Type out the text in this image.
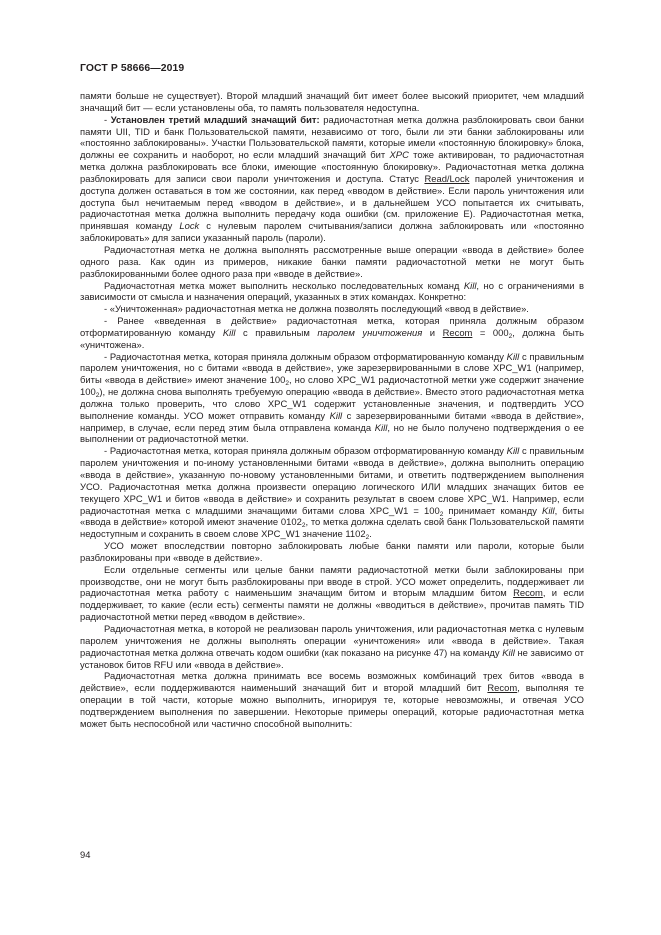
ГОСТ Р 58666—2019

памяти больше не существует). Второй младший значащий бит имеет более высокий приоритет, чем младший значащий бит — если установлены оба, то память пользователя недоступна.

- Установлен третий младший значащий бит: радиочастотная метка должна разблокировать свои банки памяти UII, TID и банк Пользовательской памяти, независимо от того, были ли эти банки заблокированы или «постоянно заблокированы». Участки Пользовательской памяти, которые имели «постоянную блокировку» блока, должны ее сохранить и наоборот, но если младший значащий бит XPC тоже активирован, то радиочастотная метка должна разблокировать все блоки, имеющие «постоянную блокировку». Радиочастотная метка должна разблокировать для записи свои пароли уничтожения и доступа. Статус Read/Lock паролей уничтожения и доступа должен оставаться в том же состоянии, как перед «вводом в действие». Если пароль уничтожения или доступа был нечитаемым перед «вводом в действие», и в дальнейшем УСО попытается их считывать, радиочастотная метка должна выполнить передачу кода ошибки (см. приложение Е). Радиочастотная метка, принявшая команду Lock с нулевым паролем считывания/записи должна заблокировать или «постоянно заблокировать» для записи указанный пароль (пароли).

Радиочастотная метка не должна выполнять рассмотренные выше операции «ввода в действие» более одного раза. Как один из примеров, никакие банки памяти радиочастотной метки не могут быть разблокированными более одного раза при «вводе в действие».

Радиочастотная метка может выполнить несколько последовательных команд Kill, но с ограничениями в зависимости от смысла и назначения операций, указанных в этих командах. Конкретно:

- «Уничтоженная» радиочастотная метка не должна позволять последующий «ввод в действие».

- Ранее «введенная в действие» радиочастотная метка, которая приняла должным образом отформатированную команду Kill с правильным паролем уничтожения и Recom = $000_2$, должна быть «уничтожена».

- Радиочастотная метка, которая приняла должным образом отформатированную команду Kill с правильным паролем уничтожения, но с битами «ввода в действие», уже зарезервированными в слове XPC_W1 (например, биты «ввода в действие» имеют значение $100_2$, но слово XPC_W1 радиочастотной метки уже содержит значение $100_2$), не должна снова выполнять требуемую операцию «ввода в действие». Вместо этого радиочастотная метка должна только проверить, что слово XPC_W1 содержит установленные значения, и подтвердить УСО выполнение команды. УСО может отправить команду Kill с зарезервированными битами «ввода в действие», например, в случае, если перед этим была отправлена команда Kill, но не было получено подтверждения о ее выполнении от радиочастотной метки.

- Радиочастотная метка, которая приняла должным образом отформатированную команду Kill с правильным паролем уничтожения и по-иному установленными битами «ввода в действие», должна выполнить операцию «ввода в действие», указанную по-новому установленными битами, и ответить подтверждением выполнения УСО. Радиочастотная метка должна произвести операцию логического ИЛИ младших значащих битов ее текущего XPC_W1 и битов «ввода в действие» и сохранить результат в своем слове XPC_W1. Например, если радиочастотная метка с младшими значащими битами слова XPC_W1 = $100_2$ принимает команду Kill, биты «ввода в действие» которой имеют значение $0102_2$, то метка должна сделать свой банк Пользовательской памяти недоступным и сохранить в своем слове XPC_W1 значение $1102_2$.

УСО может впоследствии повторно заблокировать любые банки памяти или пароли, которые были разблокированы при «вводе в действие».

Если отдельные сегменты или целые банки памяти радиочастотной метки были заблокированы при производстве, они не могут быть разблокированы при вводе в строй. УСО может определить, поддерживает ли радиочастотная метка работу с наименьшим значащим битом и вторым младшим битом Recom, и если поддерживает, то какие (если есть) сегменты памяти не должны «вводиться в действие», прочитав память TID радиочастотной метки перед «вводом в действие».

Радиочастотная метка, в которой не реализован пароль уничтожения, или радиочастотная метка с нулевым паролем уничтожения не должны выполнять операции «уничтожения» или «ввода в действие». Такая радиочастотная метка должна отвечать кодом ошибки (как показано на рисунке 47) на команду Kill не зависимо от установок битов RFU или «ввода в действие».

Радиочастотная метка должна принимать все восемь возможных комбинаций трех битов «ввода в действие», если поддерживаются наименьший значащий бит и второй младший бит Recom, выполняя те операции в той части, которые можно выполнить, игнорируя те, которые невозможны, и отвечая УСО подтверждением выполнения по завершении. Некоторые примеры операций, которые радиочастотная метка может быть неспособной или частично способной выполнить:

94
